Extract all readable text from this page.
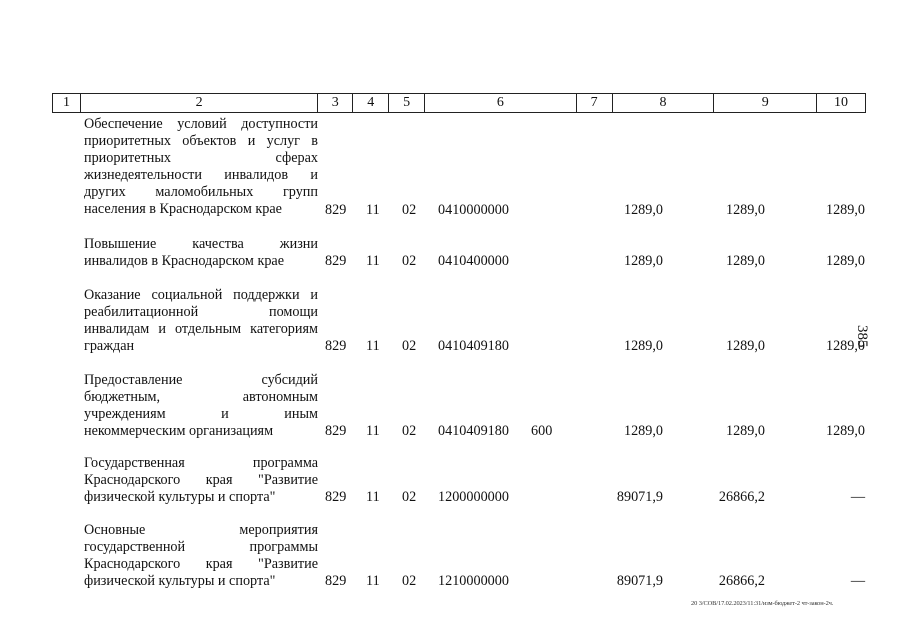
1	2	3	4	5	6	7	8	9	10
Обеспечение условий доступности приоритетных объектов и услуг в приоритетных сферах жизнедеятельности инвалидов и других маломобильных групп населения в Краснодарском крае	829 11 02 0410000000	1289,0	1289,0	1289,0
Повышение качества жизни инвалидов в Краснодарском крае	829 11 02 0410400000	1289,0	1289,0	1289,0
Оказание социальной поддержки и реабилитационной помощи инвалидам и отдельным категориям граждан	829 11 02 0410409180	1289,0	1289,0	1289,0
Предоставление субсидий бюджетным, автономным учреждениям и иным некоммерческим организациям	829 11 02 0410409180 600	1289,0	1289,0	1289,0
Государственная программа Краснодарского края "Развитие физической культуры и спорта"	829 11 02 1200000000	89071,9	26866,2	—
Основные мероприятия государственной программы Краснодарского края "Развитие физической культуры и спорта"	829 11 02 1210000000	89071,9	26866,2	—
385
20 3/СОВ/17.02.2023/11:31/изм-бюджет-2 чт-закон-2ч.
